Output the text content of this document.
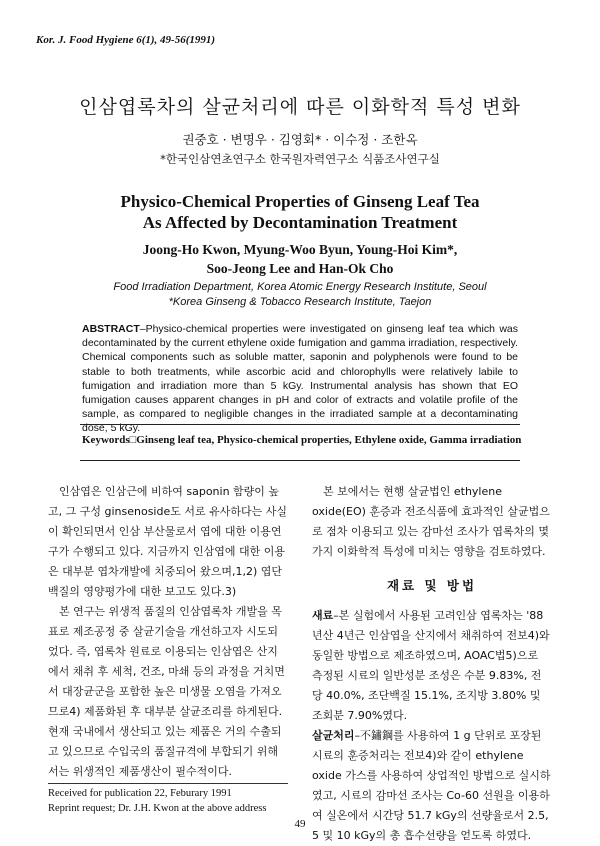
Kor. J. Food Hygiene 6(1), 49-56(1991)
인삼엽록차의 살균처리에 따른 이화학적 특성 변화
권중호 · 변명우 · 김영회* · 이수정 · 조한옥
*한국인삼연초연구소 한국원자력연구소 식품조사연구실
Physico-Chemical Properties of Ginseng Leaf Tea
As Affected by Decontamination Treatment
Joong-Ho Kwon, Myung-Woo Byun, Young-Hoi Kim*,
Soo-Jeong Lee and Han-Ok Cho
Food Irradiation Department, Korea Atomic Energy Research Institute, Seoul
*Korea Ginseng & Tobacco Research Institute, Taejon
ABSTRACT–Physico-chemical properties were investigated on ginseng leaf tea which was decontaminated by the current ethylene oxide fumigation and gamma irradiation, respectively. Chemical components such as soluble matter, saponin and polyphenols were found to be stable to both treatments, while ascorbic acid and chlorophylls were relatively labile to fumigation and irradiation more than 5 kGy. Instrumental analysis has shown that EO fumigation causes apparent changes in pH and color of extracts and volatile profile of the sample, as compared to negligible changes in the irradiated sample at a decontaminating dose, 5 kGy.
Keywords□Ginseng leaf tea, Physico-chemical properties, Ethylene oxide, Gamma irradiation

인삼엽은 인삼근에 비하여 saponin 함량이 높고, 그 구성 ginsenoside도 서로 유사하다는 사실이 확인되면서 인삼 부산물로서 엽에 대한 이용연구가 수행되고 있다. 지금까지 인삼엽에 대한 이용은 대부분 엽차개발에 치중되어 왔으며,1,2) 엽단백질의 영양평가에 대한 보고도 있다.3)

본 연구는 위생적 품질의 인삼엽록차 개발을 목표로 제조공정 중 살균기술을 개선하고자 시도되었다. 즉, 엽록차 원료로 이용되는 인삼엽은 산지에서 채취 후 세척, 건조, 마쇄 등의 과정을 거치면서 대장균군을 포함한 높은 미생물 오염을 가져오므로4) 제품화된 후 대부분 살균조리를 하게된다. 현재 국내에서 생산되고 있는 제품은 거의 수출되고 있으므로 수입국의 품질규격에 부합되기 위해서는 위생적인 제품생산이 필수적이다.

본 보에서는 현행 살균법인 ethylene oxide(EO) 훈증과 전조식품에 효과적인 살균법으로 점차 이용되고 있는 감마선 조사가 엽록차의 몇 가지 이화학적 특성에 미치는 영향을 검토하였다.

재료 및 방법

새료–본 실험에서 사용된 고려인삼 엽록차는 '88년산 4년근 인삼엽을 산지에서 채취하여 전보4)와 동일한 방법으로 제조하였으며, AOAC법5)으로 측정된 시료의 일반성분 조성은 수분 9.83%, 전당 40.0%, 조단백질 15.1%, 조지방 3.80% 및 조회분 7.90%였다.

살균처리–不鏽鋼를 사용하여 1 g 단위로 포장된 시료의 훈증처리는 전보4)와 같이 ethylene oxide 가스를 사용하여 상업적인 방법으로 실시하였고, 시료의 감마선 조사는 Co-60 선원을 이용하여 실온에서 시간당 51.7 kGy의 선량율로서 2.5, 5 및 10 kGy의 총 흡수선량을 얻도록 하였다.

Received for publication 22, Feburary 1991
Reprint request; Dr. J.H. Kwon at the above address
49
